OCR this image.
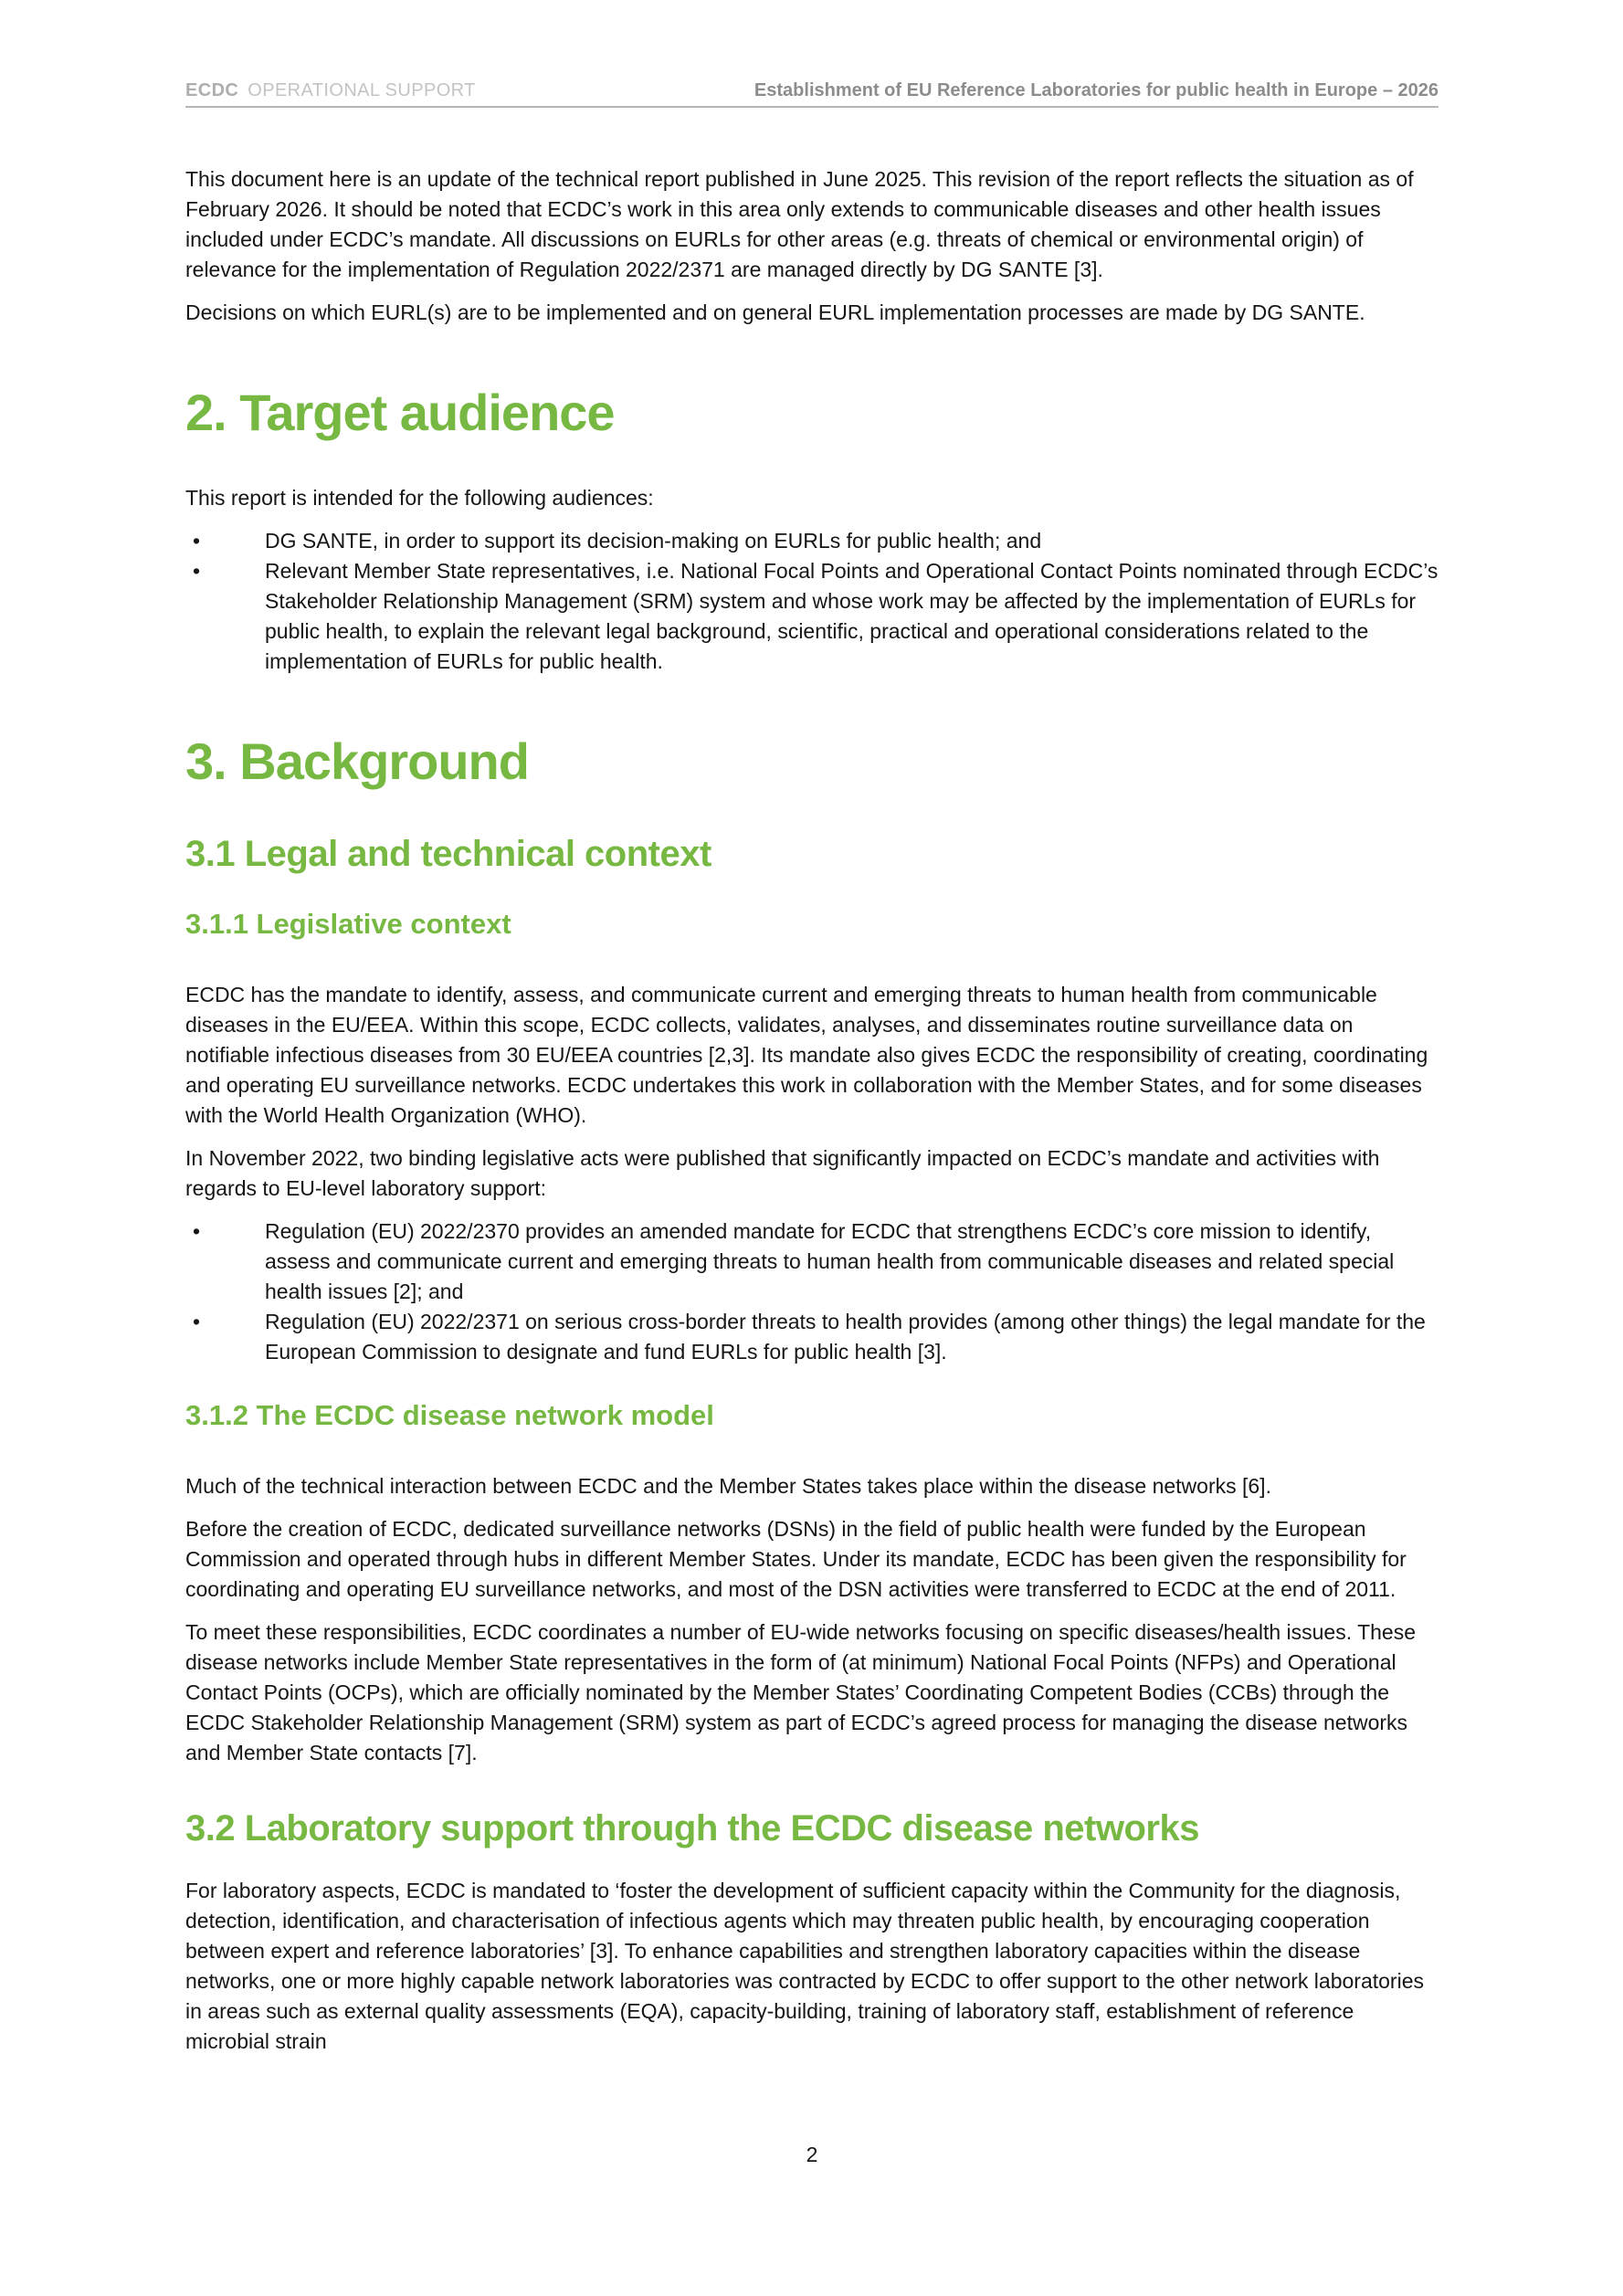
ECDC OPERATIONAL SUPPORT	Establishment of EU Reference Laboratories for public health in Europe – 2026

This document here is an update of the technical report published in June 2025. This revision of the report reflects the situation as of February 2026. It should be noted that ECDC’s work in this area only extends to communicable diseases and other health issues included under ECDC’s mandate. All discussions on EURLs for other areas (e.g. threats of chemical or environmental origin) of relevance for the implementation of Regulation 2022/2371 are managed directly by DG SANTE [3].

Decisions on which EURL(s) are to be implemented and on general EURL implementation processes are made by DG SANTE.

2. Target audience

This report is intended for the following audiences:

•	DG SANTE, in order to support its decision-making on EURLs for public health; and
•	Relevant Member State representatives, i.e. National Focal Points and Operational Contact Points nominated through ECDC’s Stakeholder Relationship Management (SRM) system and whose work may be affected by the implementation of EURLs for public health, to explain the relevant legal background, scientific, practical and operational considerations related to the implementation of EURLs for public health.
3. Background
3.1 Legal and technical context
3.1.1 Legislative context

ECDC has the mandate to identify, assess, and communicate current and emerging threats to human health from communicable diseases in the EU/EEA. Within this scope, ECDC collects, validates, analyses, and disseminates routine surveillance data on notifiable infectious diseases from 30 EU/EEA countries [2,3]. Its mandate also gives ECDC the responsibility of creating, coordinating and operating EU surveillance networks. ECDC undertakes this work in collaboration with the Member States, and for some diseases with the World Health Organization (WHO).

In November 2022, two binding legislative acts were published that significantly impacted on ECDC’s mandate and activities with regards to EU-level laboratory support:

•	Regulation (EU) 2022/2370 provides an amended mandate for ECDC that strengthens ECDC’s core mission to identify, assess and communicate current and emerging threats to human health from communicable diseases and related special health issues [2]; and
•	Regulation (EU) 2022/2371 on serious cross-border threats to health provides (among other things) the legal mandate for the European Commission to designate and fund EURLs for public health [3].
3.1.2 The ECDC disease network model

Much of the technical interaction between ECDC and the Member States takes place within the disease networks [6].

Before the creation of ECDC, dedicated surveillance networks (DSNs) in the field of public health were funded by the European Commission and operated through hubs in different Member States. Under its mandate, ECDC has been given the responsibility for coordinating and operating EU surveillance networks, and most of the DSN activities were transferred to ECDC at the end of 2011.

To meet these responsibilities, ECDC coordinates a number of EU-wide networks focusing on specific diseases/health issues. These disease networks include Member State representatives in the form of (at minimum) National Focal Points (NFPs) and Operational Contact Points (OCPs), which are officially nominated by the Member States’ Coordinating Competent Bodies (CCBs) through the ECDC Stakeholder Relationship Management (SRM) system as part of ECDC’s agreed process for managing the disease networks and Member State contacts [7].

3.2 Laboratory support through the ECDC disease networks

For laboratory aspects, ECDC is mandated to ‘foster the development of sufficient capacity within the Community for the diagnosis, detection, identification, and characterisation of infectious agents which may threaten public health, by encouraging cooperation between expert and reference laboratories’ [3]. To enhance capabilities and strengthen laboratory capacities within the disease networks, one or more highly capable network laboratories was contracted by ECDC to offer support to the other network laboratories in areas such as external quality assessments (EQA), capacity-building, training of laboratory staff, establishment of reference microbial strain

2
